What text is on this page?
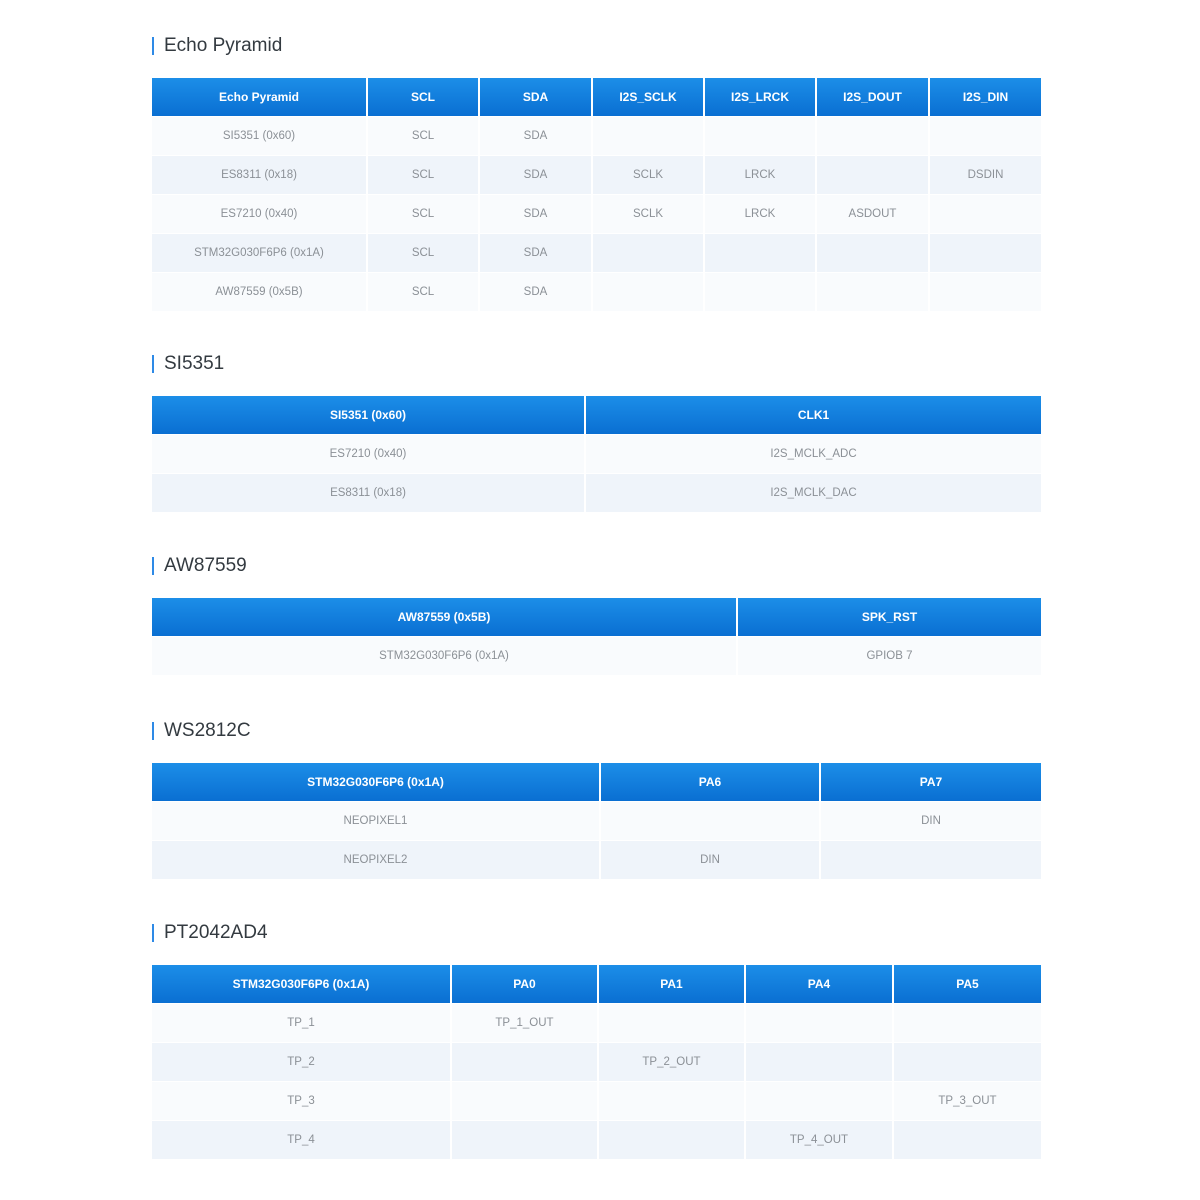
Echo Pyramid
Echo Pyramid	SCL	SDA	I2S_SCLK	I2S_LRCK	I2S_DOUT	I2S_DIN
SI5351 (0x60)	SCL	SDA				
ES8311 (0x18)	SCL	SDA	SCLK	LRCK		DSDIN
ES7210 (0x40)	SCL	SDA	SCLK	LRCK	ASDOUT	
STM32G030F6P6 (0x1A)	SCL	SDA				
AW87559 (0x5B)	SCL	SDA				
SI5351
SI5351 (0x60)	CLK1
ES7210 (0x40)	I2S_MCLK_ADC
ES8311 (0x18)	I2S_MCLK_DAC
AW87559
AW87559 (0x5B)	SPK_RST
STM32G030F6P6 (0x1A)	GPIOB 7
WS2812C
STM32G030F6P6 (0x1A)	PA6	PA7
NEOPIXEL1		DIN
NEOPIXEL2	DIN	
PT2042AD4
STM32G030F6P6 (0x1A)	PA0	PA1	PA4	PA5
TP_1	TP_1_OUT			
TP_2		TP_2_OUT		
TP_3				TP_3_OUT
TP_4			TP_4_OUT	
